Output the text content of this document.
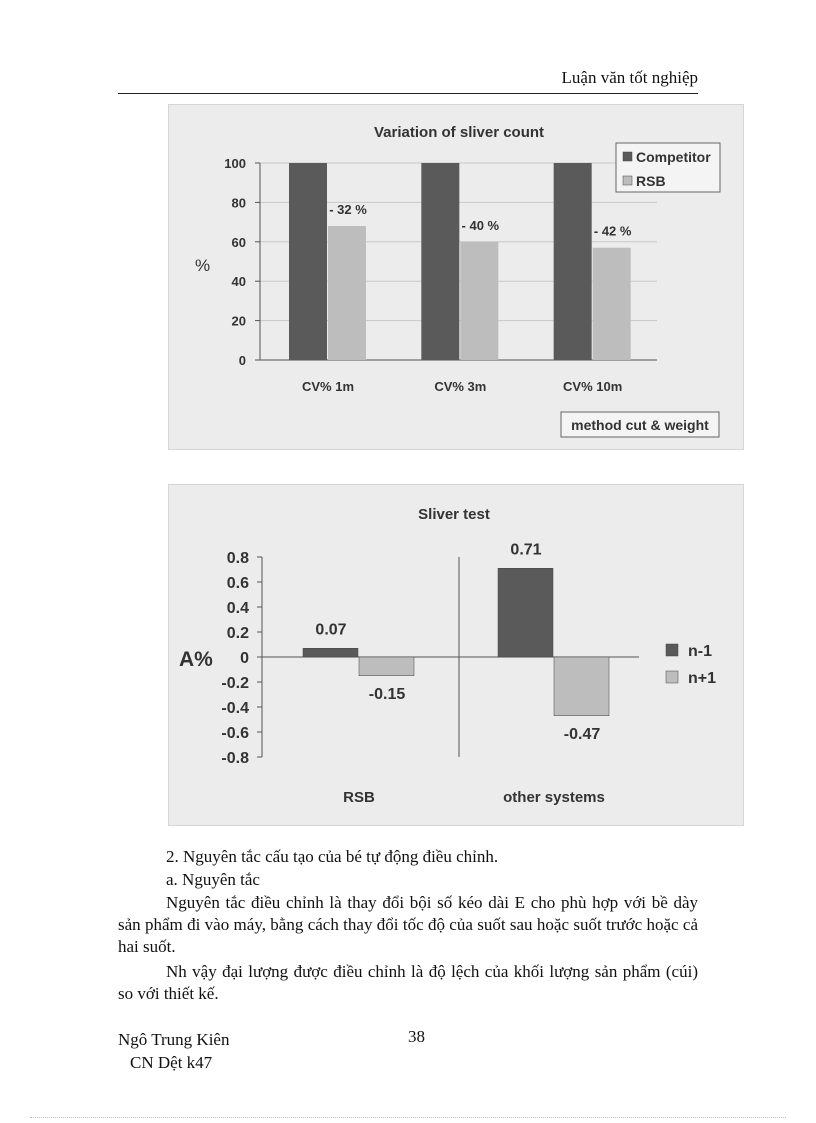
Luận văn tốt nghiệp
0
20
40
60
80
100
Variation of sliver count
%
CV% 1m
- 32 %
CV% 3m
- 40 %
CV% 10m
- 42 %
Competitor
RSB
method cut & weight
Sliver test
A%
0.8
0.6
0.4
0.2
0
-0.2
-0.4
-0.6
-0.8
0.07
-0.15
RSB
0.71
-0.47
other systems
n-1
n+1
2. Nguyên tắc cấu tạo của bé tự động điều chỉnh.
a. Nguyên tắc
Nguyên tắc điều chỉnh là thay đổi bội số kéo dài E cho phù hợp với bề dày sản phẩm đi vào máy, bằng cách thay đổi tốc độ của suốt sau hoặc suốt trước hoặc cả hai suốt.
Nh vậy đại lượng được điều chỉnh là độ lệch của khối lượng sản phẩm (cúi) so với thiết kế.
Ngô Trung Kiên
CN Dệt k47
38
